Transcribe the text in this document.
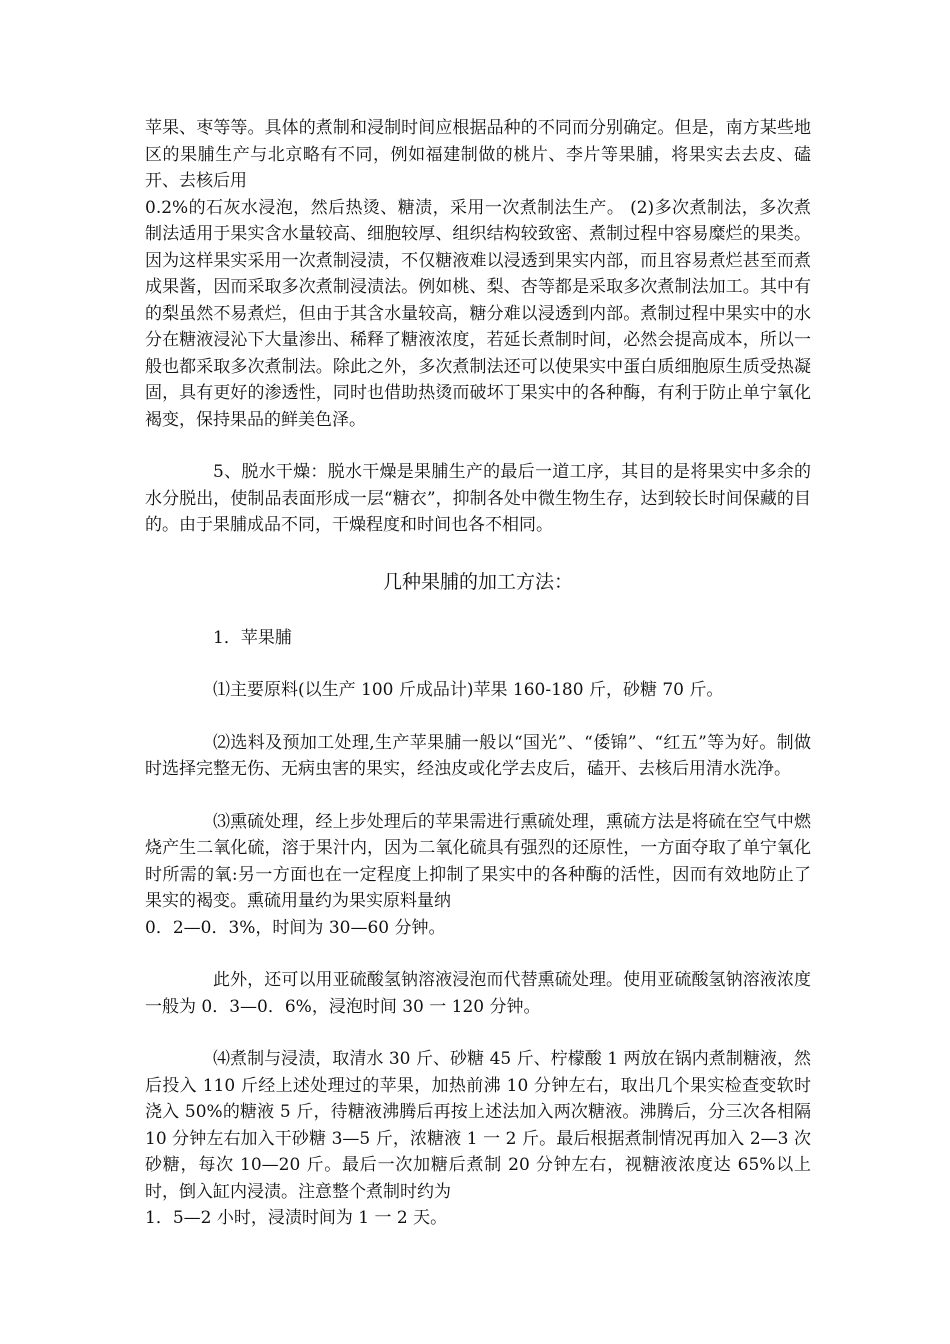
苹果、枣等等。具体的煮制和浸制时间应根据品种的不同而分别确定。但是，南方某些地区的果脯生产与北京略有不同，例如福建制做的桃片、李片等果脯，将果实去去皮、磕开、去核后用
0.2%的石灰水浸泡，然后热烫、糖渍，采用一次煮制法生产。 (2)多次煮制法，多次煮制法适用于果实含水量较高、细胞较厚、组织结构较致密、煮制过程中容易糜烂的果类。因为这样果实采用一次煮制浸渍，不仅糖液难以浸透到果实内部，而且容易煮烂甚至而煮成果酱，因而采取多次煮制浸渍法。例如桃、梨、杏等都是采取多次煮制法加工。其中有的梨虽然不易煮烂，但由于其含水量较高，糖分难以浸透到内部。煮制过程中果实中的水分在糖液浸沁下大量渗出、稀释了糖液浓度，若延长煮制时间，必然会提高成本，所以一般也都采取多次煮制法。除此之外，多次煮制法还可以使果实中蛋白质细胞原生质受热凝固，具有更好的渗透性，同时也借助热烫而破坏丁果实中的各种酶，有利于防止单宁氧化褐变，保持果品的鲜美色泽。

5、脱水干燥：脱水干燥是果脯生产的最后一道工序，其目的是将果实中多余的水分脱出，使制品表面形成一层“糖衣”，抑制各处中微生物生存，达到较长时间保藏的目的。由于果脯成品不同，干燥程度和时间也各不相同。

几种果脯的加工方法：

1．苹果脯

⑴主要原料(以生产 100 斤成品计)苹果 160-180 斤，砂糖 70 斤。

⑵选料及预加工处理,生产苹果脯一般以“国光”、“倭锦”、“红五”等为好。制做时选择完整无伤、无病虫害的果实，经浊皮或化学去皮后，磕开、去核后用清水洗净。

⑶熏硫处理，经上步处理后的苹果需进行熏硫处理，熏硫方法是将硫在空气中燃烧产生二氧化硫，溶于果汁内，因为二氧化硫具有强烈的还原性，一方面夺取了单宁氧化时所需的氧:另一方面也在一定程度上抑制了果实中的各种酶的活性，因而有效地防止了果实的褐变。熏硫用量约为果实原料量纳
0．2—0．3%，时间为 30—60 分钟。

此外，还可以用亚硫酸氢钠溶液浸泡而代替熏硫处理。使用亚硫酸氢钠溶液浓度一般为 0．3—0．6%，浸泡时间 30 一 120 分钟。

⑷煮制与浸渍，取清水 30 斤、砂糖 45 斤、柠檬酸 1 两放在锅内煮制糖液，然后投入 110 斤经上述处理过的苹果，加热前沸 10 分钟左右，取出几个果实检查变软时浇入 50%的糖液 5 斤，待糖液沸腾后再按上述法加入两次糖液。沸腾后，分三次各相隔 10 分钟左右加入干砂糖 3—5 斤，浓糖液 1 一 2 斤。最后根据煮制情况再加入 2—3 次砂糖，每次 10—20 斤。最后一次加糖后煮制 20 分钟左右，视糖液浓度达 65%以上时，倒入缸内浸渍。注意整个煮制时约为
1．5—2 小时，浸渍时间为 1 一 2 天。
